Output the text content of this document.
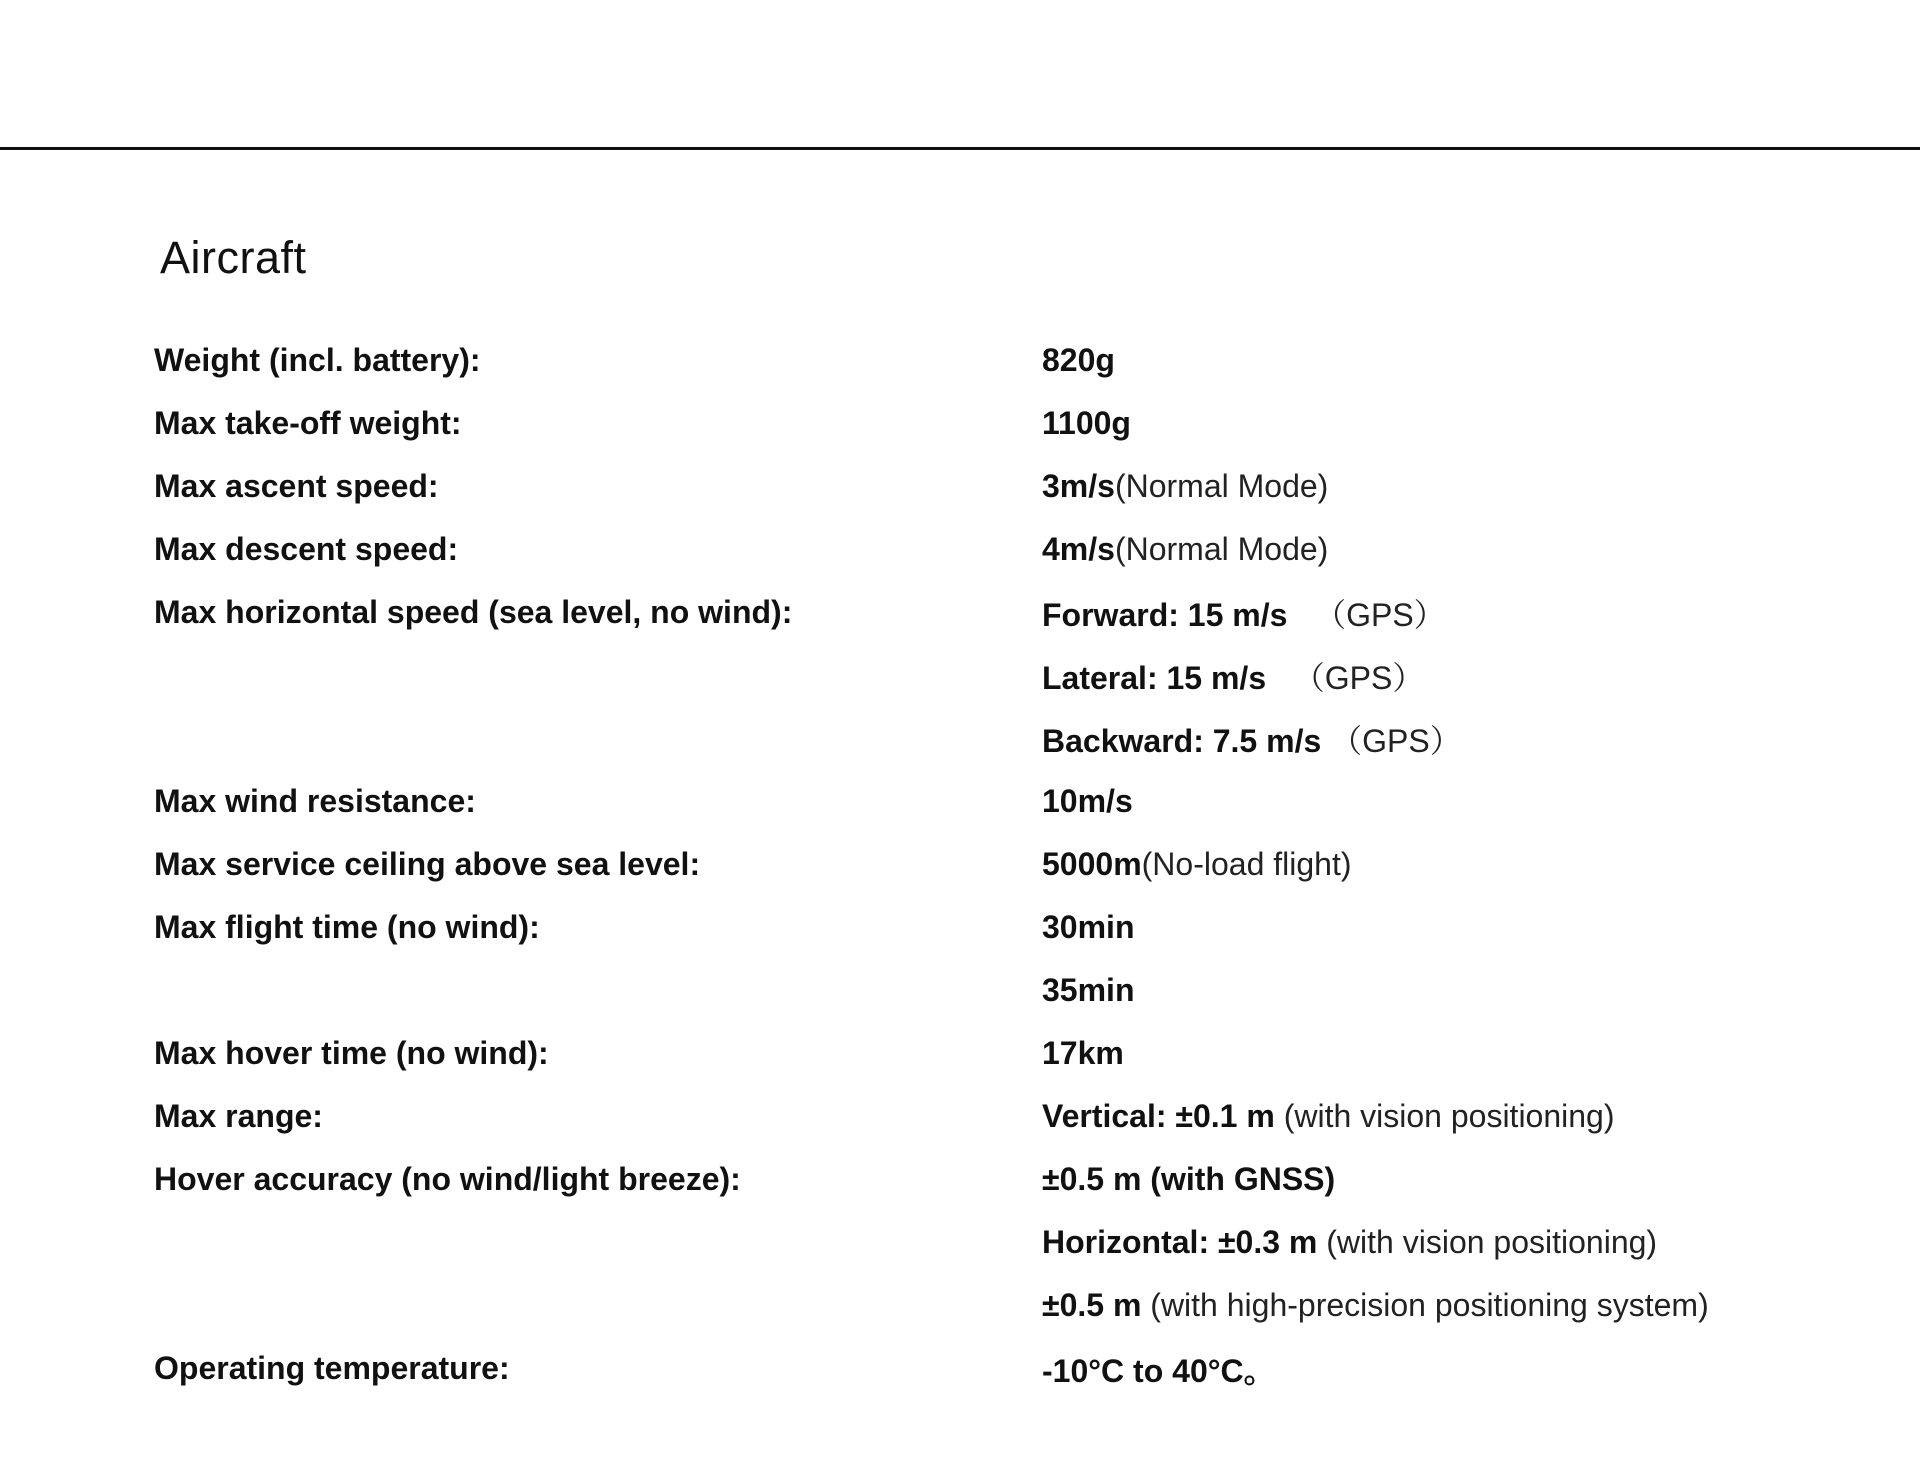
Aircraft
Weight (incl. battery):	820g
Max take-off weight:	1100g
Max ascent speed:	3m/s(Normal Mode)
Max descent speed:	4m/s(Normal Mode)
Max horizontal speed (sea level, no wind):	Forward: 15 m/s   （GPS）
Lateral: 15 m/s   （GPS）
Backward: 7.5 m/s （GPS）
Max wind resistance:	10m/s
Max service ceiling above sea level:	5000m(No-load flight)
Max flight time (no wind):	30min
35min
Max hover time (no wind):	17km
Max range:	Vertical: ±0.1 m (with vision positioning)
Hover accuracy (no wind/light breeze):	±0.5 m (with GNSS)
Horizontal: ±0.3 m (with vision positioning)
±0.5 m (with high-precision positioning system)
Operating temperature:	-10°C to 40°C。
